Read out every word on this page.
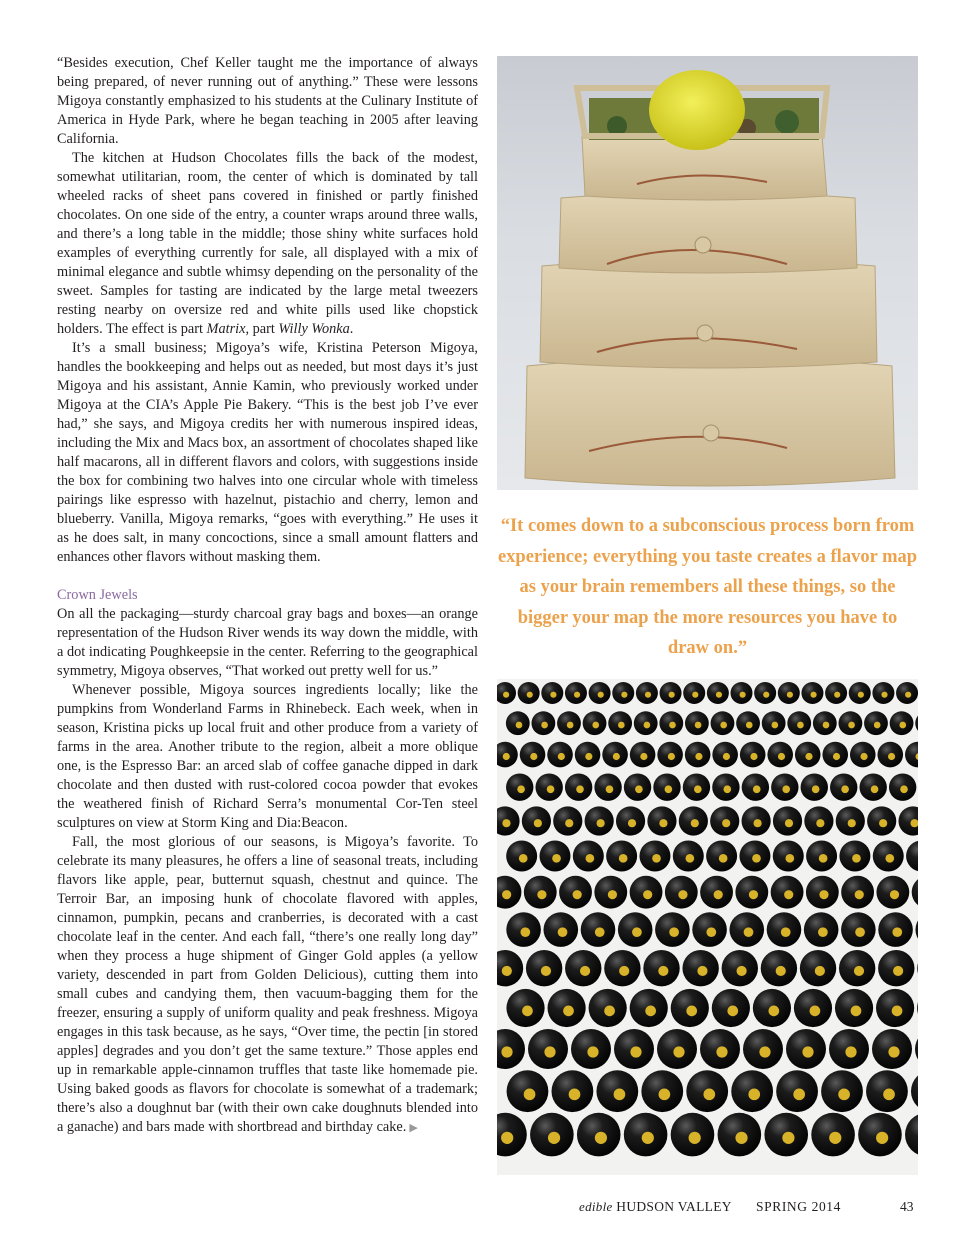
“Besides execution, Chef Keller taught me the importance of always being prepared, of never running out of anything.” These were lessons Migoya constantly emphasized to his students at the Culinary Institute of America in Hyde Park, where he began teaching in 2005 after leaving California.

The kitchen at Hudson Chocolates fills the back of the modest, somewhat utilitarian, room, the center of which is dominated by tall wheeled racks of sheet pans covered in finished or partly finished chocolates. On one side of the entry, a counter wraps around three walls, and there’s a long table in the middle; those shiny white surfaces hold examples of everything currently for sale, all displayed with a mix of minimal elegance and subtle whimsy depending on the personality of the sweet. Samples for tasting are indicated by the large metal tweezers resting nearby on oversize red and white pills used like chopstick holders. The effect is part Matrix, part Willy Wonka.

It’s a small business; Migoya’s wife, Kristina Peterson Migoya, handles the bookkeeping and helps out as needed, but most days it’s just Migoya and his assistant, Annie Kamin, who previously worked under Migoya at the CIA’s Apple Pie Bakery. “This is the best job I’ve ever had,” she says, and Migoya credits her with numerous inspired ideas, including the Mix and Macs box, an assortment of chocolates shaped like half macarons, all in different flavors and colors, with suggestions inside the box for combining two halves into one circular whole with timeless pairings like espresso with hazelnut, pistachio and cherry, lemon and blueberry. Vanilla, Migoya remarks, “goes with everything.” He uses it as he does salt, in many concoctions, since a small amount flatters and enhances other flavors without masking them.

Crown Jewels

On all the packaging—sturdy charcoal gray bags and boxes—an orange representation of the Hudson River wends its way down the middle, with a dot indicating Poughkeepsie in the center. Referring to the geographical symmetry, Migoya observes, “That worked out pretty well for us.”

Whenever possible, Migoya sources ingredients locally; like the pumpkins from Wonderland Farms in Rhinebeck. Each week, when in season, Kristina picks up local fruit and other produce from a variety of farms in the area. Another tribute to the region, albeit a more oblique one, is the Espresso Bar: an arced slab of coffee ganache dipped in dark chocolate and then dusted with rust-colored cocoa powder that evokes the weathered finish of Richard Serra’s monumental Cor-Ten steel sculptures on view at Storm King and Dia:Beacon.

Fall, the most glorious of our seasons, is Migoya’s favorite. To celebrate its many pleasures, he offers a line of seasonal treats, including flavors like apple, pear, butternut squash, chestnut and quince. The Terroir Bar, an imposing hunk of chocolate flavored with apples, cinnamon, pumpkin, pecans and cranberries, is decorated with a cast chocolate leaf in the center. And each fall, “there’s one really long day” when they process a huge shipment of Ginger Gold apples (a yellow variety, descended in part from Golden Delicious), cutting them into small cubes and candying them, then vacuum-bagging them for the freezer, ensuring a supply of uniform quality and peak freshness. Migoya engages in this task because, as he says, “Over time, the pectin [in stored apples] degrades and you don’t get the same texture.” Those apples end up in remarkable apple-cinnamon truffles that taste like homemade pie. Using baked goods as flavors for chocolate is somewhat of a trademark; there’s also a doughnut bar (with their own cake doughnuts blended into a ganache) and bars made with shortbread and birthday cake. ▶

“It comes down to a subconscious process born from experience; everything you taste creates a flavor map as your brain remembers all these things, so the bigger your map the more resources you have to draw on.”
edible HUDSON VALLEY SPRING 2014	43
